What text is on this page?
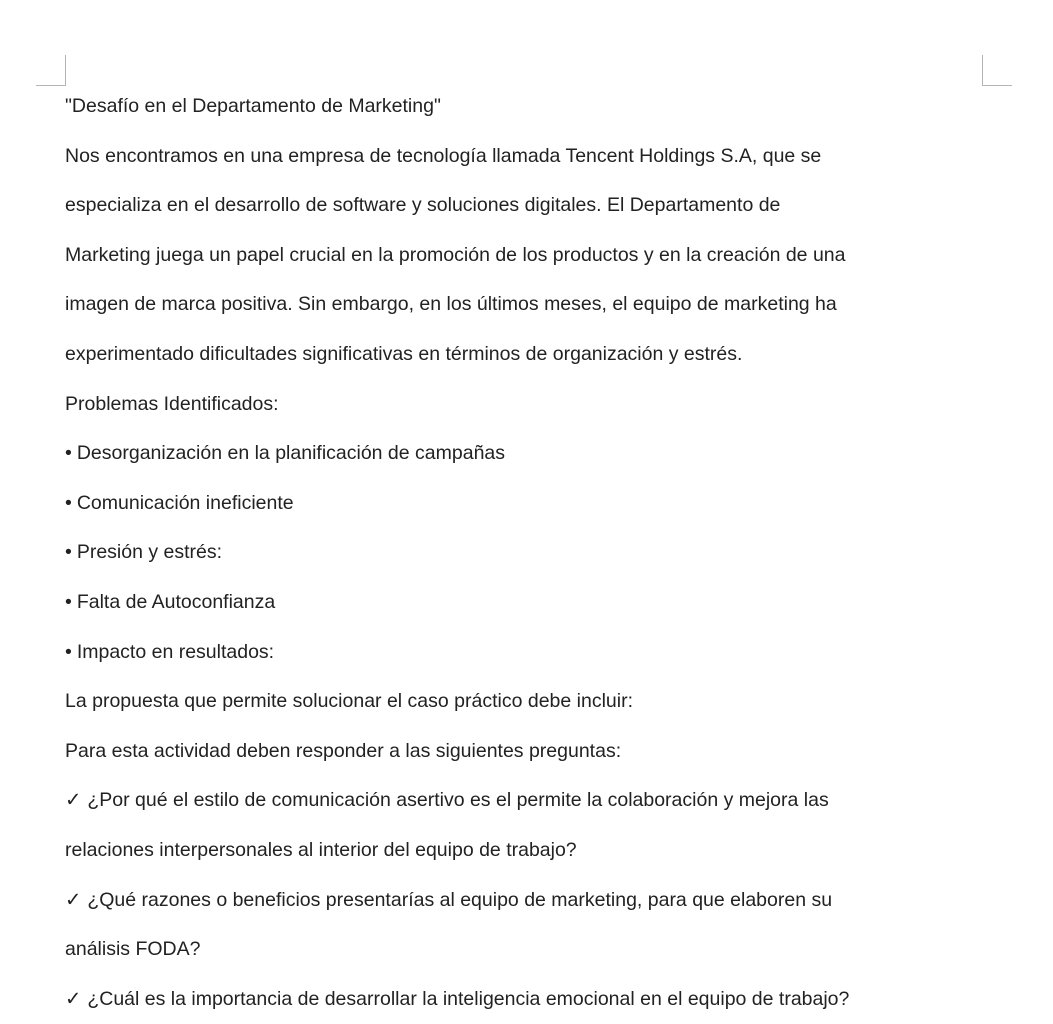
"Desafío en el Departamento de Marketing"
Nos encontramos en una empresa de tecnología llamada Tencent Holdings S.A, que se
especializa en el desarrollo de software y soluciones digitales. El Departamento de
Marketing juega un papel crucial en la promoción de los productos y en la creación de una
imagen de marca positiva. Sin embargo, en los últimos meses, el equipo de marketing ha
experimentado dificultades significativas en términos de organización y estrés.
Problemas Identificados:
• Desorganización en la planificación de campañas
• Comunicación ineficiente
• Presión y estrés:
• Falta de Autoconfianza
• Impacto en resultados:
La propuesta que permite solucionar el caso práctico debe incluir:
Para esta actividad deben responder a las siguientes preguntas:
✓ ¿Por qué el estilo de comunicación asertivo es el permite la colaboración y mejora las
relaciones interpersonales al interior del equipo de trabajo?
✓ ¿Qué razones o beneficios presentarías al equipo de marketing, para que elaboren su
análisis FODA?
✓ ¿Cuál es la importancia de desarrollar la inteligencia emocional en el equipo de trabajo?
